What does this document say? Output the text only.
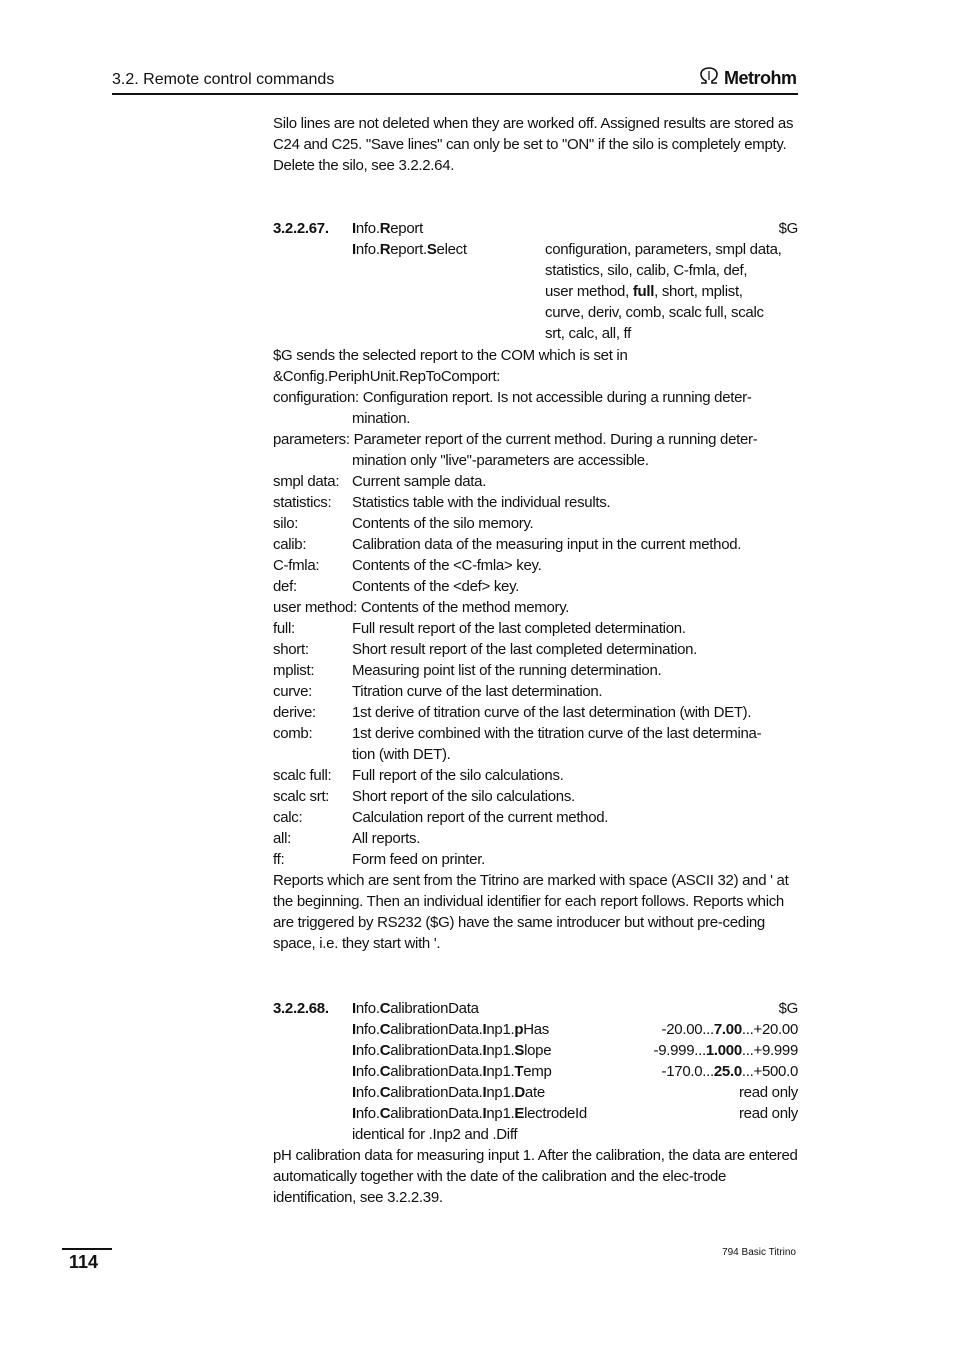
3.2. Remote control commands	Metrohm

Silo lines are not deleted when they are worked off. Assigned results are stored as C24 and C25. "Save lines" can only be set to "ON" if the silo is completely empty. Delete the silo, see 3.2.2.64.

3.2.2.67. Info.Report	$G
Info.Report.Select	configuration, parameters, smpl data,
statistics, silo, calib, C-fmla, def,
user method, full, short, mplist,
curve, deriv, comb, scalc full, scalc
srt, calc, all, ff

$G sends the selected report to the COM which is set in

&Config.PeriphUnit.RepToComport:

configuration: Configuration report. Is not accessible during a running deter-
mination.
parameters: Parameter report of the current method. During a running deter-
mination only "live"-parameters are accessible.
smpl data: Current sample data.
statistics: Statistics table with the individual results.
silo:	Contents of the silo memory.
calib:	Calibration data of the measuring input in the current method.
C-fmla: Contents of the <C-fmla> key.
def:	Contents of the <def> key.
user method: Contents of the method memory.
full:	Full result report of the last completed determination.
short:	Short result report of the last completed determination.
mplist:	Measuring point list of the running determination.
curve:	Titration curve of the last determination.
derive: 1st derive of titration curve of the last determination (with DET).
comb:	1st derive combined with the titration curve of the last determina-
tion (with DET).
scalc full: Full report of the silo calculations.
scalc srt: Short report of the silo calculations.
calc:	Calculation report of the current method.
all:	All reports.
ff:	Form feed on printer.
Reports which are sent from the Titrino are marked with space (ASCII 32) and ' at the beginning. Then an individual identifier for each report follows. Reports which are triggered by RS232 ($G) have the same introducer but without pre-ceding space, i.e. they start with '.
3.2.2.68. Info.CalibrationData	$G
Info.CalibrationData.Inp1.pHas	-20.00...7.00...+20.00
Info.CalibrationData.Inp1.Slope	-9.999...1.000...+9.999
Info.CalibrationData.Inp1.Temp	-170.0...25.0...+500.0
Info.CalibrationData.Inp1.Date	read only
Info.CalibrationData.Inp1.ElectrodeId	read only
identical for .Inp2 and .Diff
pH calibration data for measuring input 1. After the calibration, the data are entered automatically together with the date of the calibration and the elec-trode identification, see 3.2.2.39.
114	794 Basic Titrino
